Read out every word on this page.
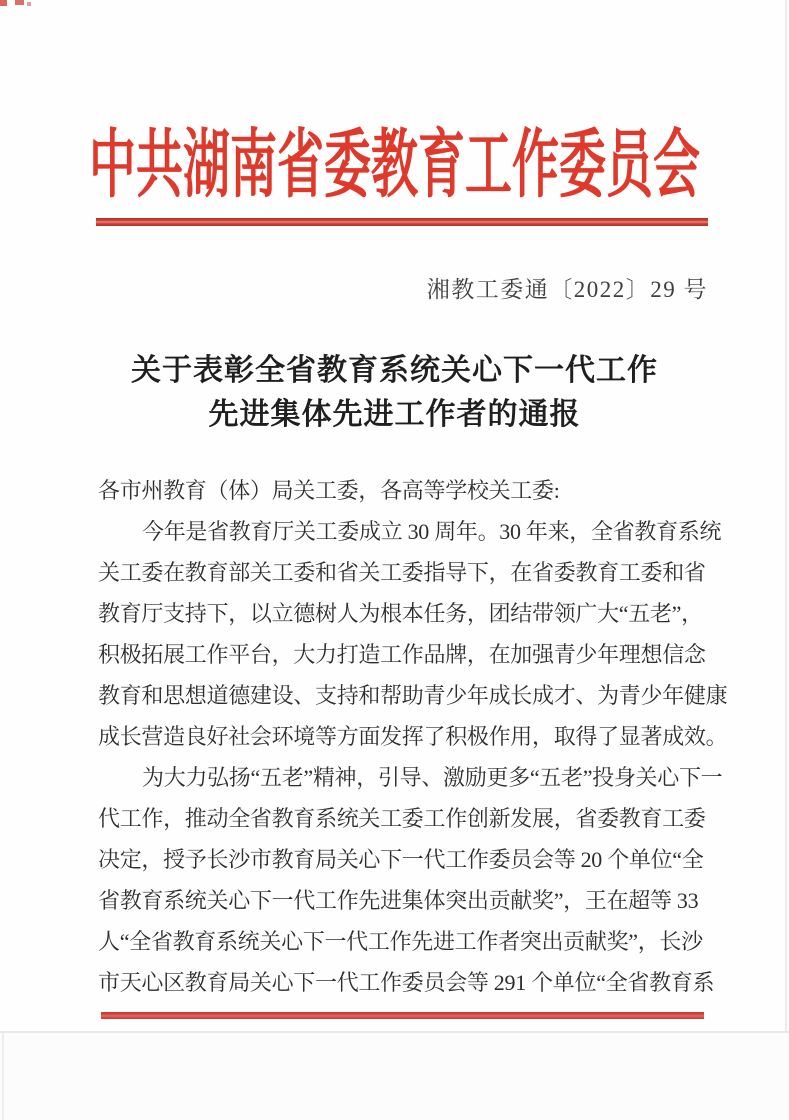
中共湖南省委教育工作委员会
湘教工委通〔2022〕29 号
关于表彰全省教育系统关心下一代工作
先进集体先进工作者的通报
各市州教育（体）局关工委，各高等学校关工委:
今年是省教育厅关工委成立 30 周年。30 年来，全省教育系统
关工委在教育部关工委和省关工委指导下，在省委教育工委和省
教育厅支持下，以立德树人为根本任务，团结带领广大“五老”，
积极拓展工作平台，大力打造工作品牌，在加强青少年理想信念
教育和思想道德建设、支持和帮助青少年成长成才、为青少年健康
成长营造良好社会环境等方面发挥了积极作用，取得了显著成效。
为大力弘扬“五老”精神，引导、激励更多“五老”投身关心下一
代工作，推动全省教育系统关工委工作创新发展，省委教育工委
决定，授予长沙市教育局关心下一代工作委员会等 20 个单位“全
省教育系统关心下一代工作先进集体突出贡献奖”，王在超等 33
人“全省教育系统关心下一代工作先进工作者突出贡献奖”，长沙
市天心区教育局关心下一代工作委员会等 291 个单位“全省教育系
